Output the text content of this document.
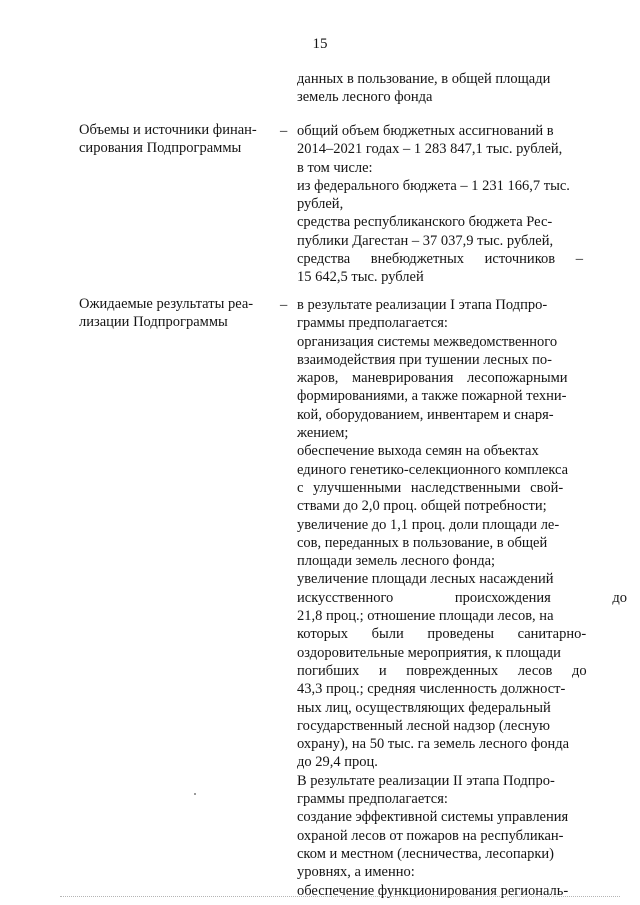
15
данных в пользование, в общей площади
земель лесного фонда
Объемы и источники финан-
сирования Подпрограммы
– общий объем бюджетных ассигнований в
2014–2021 годах – 1 283 847,1 тыс. рублей,
в том числе:
из федерального бюджета – 1 231 166,7 тыс.
рублей,
средства республиканского бюджета Рес-
публики Дагестан – 37 037,9 тыс. рублей,
средства внебюджетных источников –
15 642,5 тыс. рублей
Ожидаемые результаты реа-
лизации Подпрограммы
– в результате реализации I этапа Подпро-
граммы предполагается:
организация системы межведомственного
взаимодействия при тушении лесных по-
жаров, маневрирования лесопожарными
формированиями, а также пожарной техни-
кой, оборудованием, инвентарем и снаря-
жением;
обеспечение выхода семян на объектах
единого генетико-селекционного комплекса
с улучшенными наследственными свой-
ствами до 2,0 проц. общей потребности;
увеличение до 1,1 проц. доли площади ле-
сов, переданных в пользование, в общей
площади земель лесного фонда;
увеличение площади лесных насаждений
искусственного происхождения до
21,8 проц.; отношение площади лесов, на
которых были проведены санитарно-
оздоровительные мероприятия, к площади
погибших и поврежденных лесов до
43,3 проц.; средняя численность должност-
ных лиц, осуществляющих федеральный
государственный лесной надзор (лесную
охрану), на 50 тыс. га земель лесного фонда
до 29,4 проц.
В результате реализации II этапа Подпро-
граммы предполагается:
создание эффективной системы управления
охраной лесов от пожаров на республикан-
ском и местном (лесничества, лесопарки)
уровнях, а именно:
обеспечение функционирования региональ-
